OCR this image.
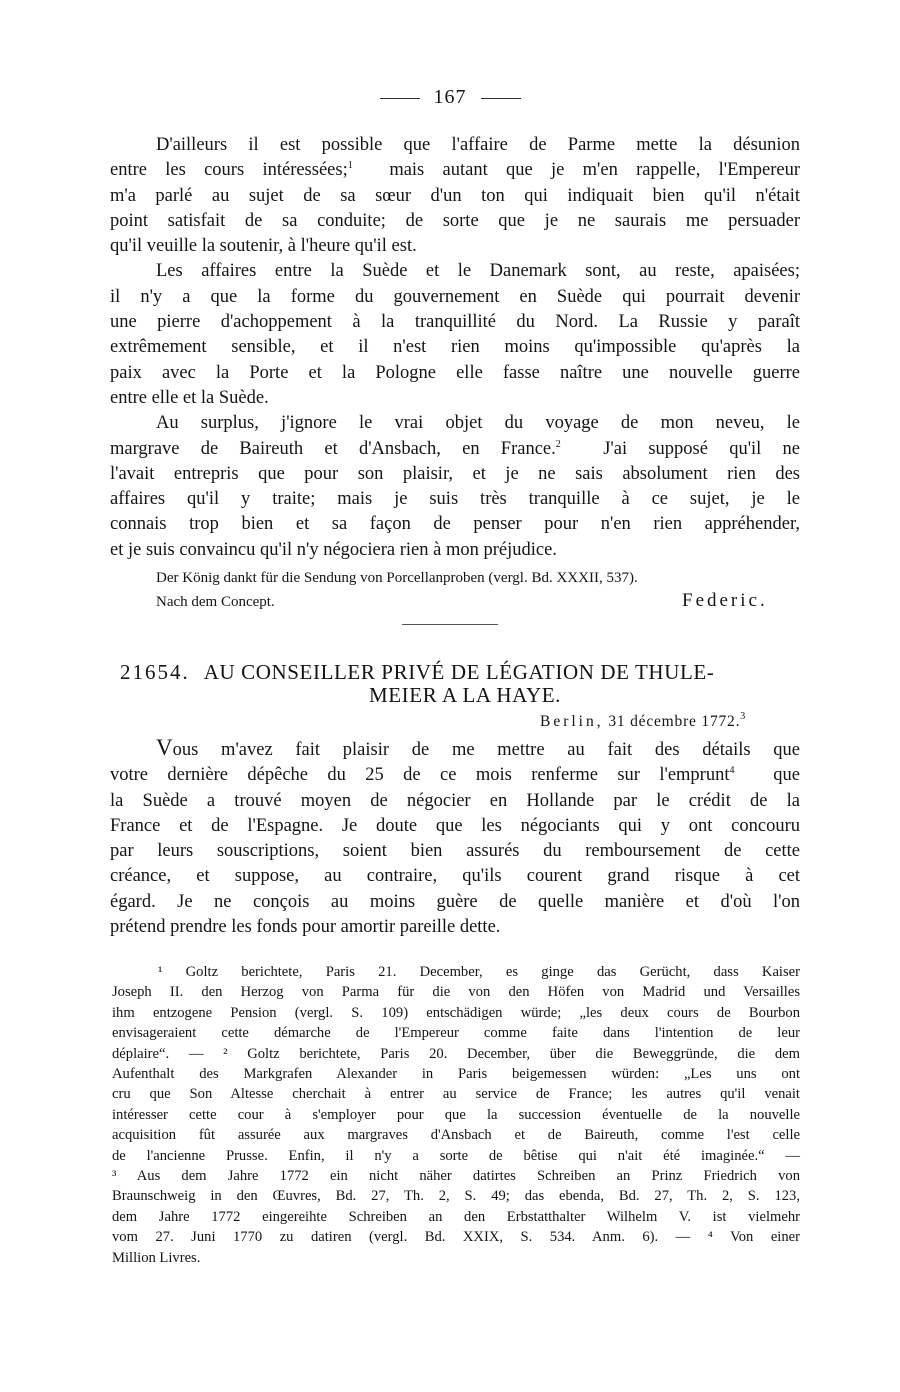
167
D'ailleurs il est possible que l'affaire de Parme mette la désunion
entre les cours intéressées;$^1$ mais autant que je m'en rappelle, l'Empereur
m'a parlé au sujet de sa sœur d'un ton qui indiquait bien qu'il n'était
point satisfait de sa conduite; de sorte que je ne saurais me persuader
qu'il veuille la soutenir, à l'heure qu'il est.
Les affaires entre la Suède et le Danemark sont, au reste, apaisées;
il n'y a que la forme du gouvernement en Suède qui pourrait devenir
une pierre d'achoppement à la tranquillité du Nord. La Russie y paraît
extrêmement sensible, et il n'est rien moins qu'impossible qu'après la
paix avec la Porte et la Pologne elle fasse naître une nouvelle guerre
entre elle et la Suède.
Au surplus, j'ignore le vrai objet du voyage de mon neveu, le
margrave de Baireuth et d'Ansbach, en France.$^2$ J'ai supposé qu'il ne
l'avait entrepris que pour son plaisir, et je ne sais absolument rien des
affaires qu'il y traite; mais je suis très tranquille à ce sujet, je le
connais trop bien et sa façon de penser pour n'en rien appréhender,
et je suis convaincu qu'il n'y négociera rien à mon préjudice.
Der König dankt für die Sendung von Porcellanproben (vergl. Bd. XXXII, 537).
Nach dem Concept.	Federic.
21654. AU CONSEILLER PRIVÉ DE LÉGATION DE THULE-
MEIER A LA HAYE.
Berlin, 31 décembre 1772.$^3$
Vous m'avez fait plaisir de me mettre au fait des détails que
votre dernière dépêche du 25 de ce mois renferme sur l'emprunt$^4$ que
la Suède a trouvé moyen de négocier en Hollande par le crédit de la
France et de l'Espagne. Je doute que les négociants qui y ont concouru
par leurs souscriptions, soient bien assurés du remboursement de cette
créance, et suppose, au contraire, qu'ils courent grand risque à cet
égard. Je ne conçois au moins guère de quelle manière et d'où l'on
prétend prendre les fonds pour amortir pareille dette.
¹ Goltz berichtete, Paris 21. December, es ginge das Gerücht, dass Kaiser
Joseph II. den Herzog von Parma für die von den Höfen von Madrid und Versailles
ihm entzogene Pension (vergl. S. 109) entschädigen würde; „les deux cours de Bourbon
envisageraient cette démarche de l'Empereur comme faite dans l'intention de leur
déplaire“. — ² Goltz berichtete, Paris 20. December, über die Beweggründe, die dem
Aufenthalt des Markgrafen Alexander in Paris beigemessen würden: „Les uns ont
cru que Son Altesse cherchait à entrer au service de France; les autres qu'il venait
intéresser cette cour à s'employer pour que la succession éventuelle de la nouvelle
acquisition fût assurée aux margraves d'Ansbach et de Baireuth, comme l'est celle
de l'ancienne Prusse. Enfin, il n'y a sorte de bêtise qui n'ait été imaginée.“ —
³ Aus dem Jahre 1772 ein nicht näher datirtes Schreiben an Prinz Friedrich von
Braunschweig in den Œuvres, Bd. 27, Th. 2, S. 49; das ebenda, Bd. 27, Th. 2, S. 123,
dem Jahre 1772 eingereihte Schreiben an den Erbstatthalter Wilhelm V. ist vielmehr
vom 27. Juni 1770 zu datiren (vergl. Bd. XXIX, S. 534. Anm. 6). — ⁴ Von einer
Million Livres.
